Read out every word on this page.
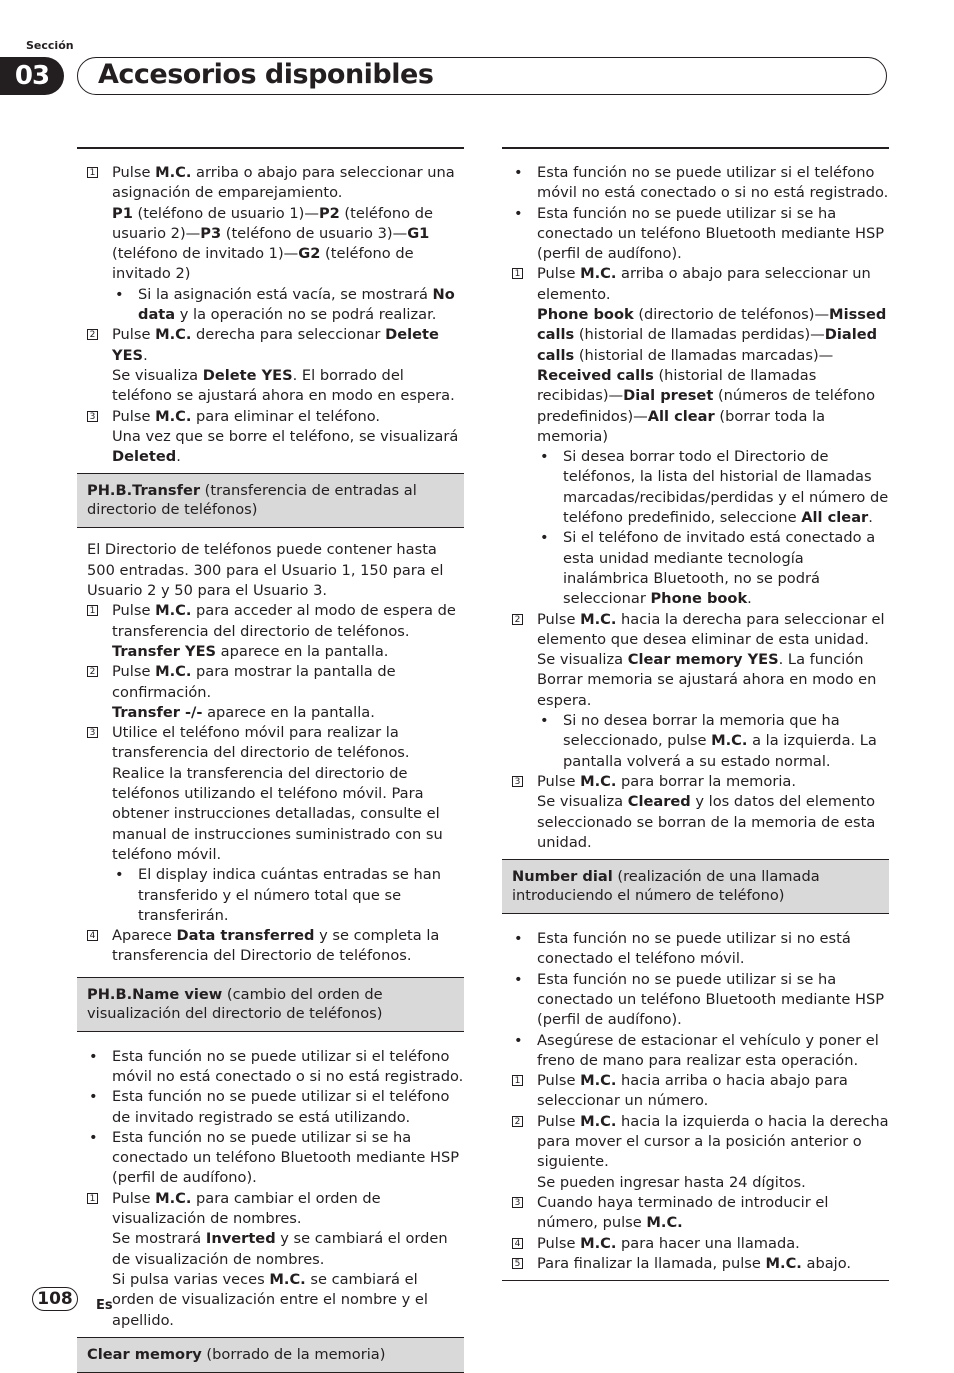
Sección
03	Accesorios disponibles

1 Pulse M.C. arriba o abajo para seleccionar una asignación de emparejamiento.

P1 (teléfono de usuario 1)—P2 (teléfono de usuario 2)—P3 (teléfono de usuario 3)—G1 (teléfono de invitado 1)—G2 (teléfono de invitado 2)

• Si la asignación está vacía, se mostrará No data y la operación no se podrá realizar.

2 Pulse M.C. derecha para seleccionar Delete YES.

Se visualiza Delete YES. El borrado del teléfono se ajustará ahora en modo en espera.

3 Pulse M.C. para eliminar el teléfono.

Una vez que se borre el teléfono, se visualizará Deleted.

PH.B.Transfer (transferencia de entradas al directorio de teléfonos)

El Directorio de teléfonos puede contener hasta 500 entradas. 300 para el Usuario 1, 150 para el Usuario 2 y 50 para el Usuario 3.

1 Pulse M.C. para acceder al modo de espera de transferencia del directorio de teléfonos.

Transfer YES aparece en la pantalla.

2 Pulse M.C. para mostrar la pantalla de confirmación.

Transfer -/- aparece en la pantalla.

3 Utilice el teléfono móvil para realizar la transferencia del directorio de teléfonos.

Realice la transferencia del directorio de teléfonos utilizando el teléfono móvil. Para obtener instrucciones detalladas, consulte el manual de instrucciones suministrado con su teléfono móvil.

• El display indica cuántas entradas se han transferido y el número total que se transferirán.

4 Aparece Data transferred y se completa la transferencia del Directorio de teléfonos.

PH.B.Name view (cambio del orden de visualización del directorio de teléfonos)

• Esta función no se puede utilizar si el teléfono móvil no está conectado o si no está registrado.

• Esta función no se puede utilizar si el teléfono de invitado registrado se está utilizando.

• Esta función no se puede utilizar si se ha conectado un teléfono Bluetooth mediante HSP (perfil de audífono).

1 Pulse M.C. para cambiar el orden de visualización de nombres.

Se mostrará Inverted y se cambiará el orden de visualización de nombres.

Si pulsa varias veces M.C. se cambiará el orden de visualización entre el nombre y el apellido.

Clear memory (borrado de la memoria)

• Esta función no se puede utilizar si el teléfono móvil no está conectado o si no está registrado.

• Esta función no se puede utilizar si se ha conectado un teléfono Bluetooth mediante HSP (perfil de audífono).

1 Pulse M.C. arriba o abajo para seleccionar un elemento.

Phone book (directorio de teléfonos)—Missed calls (historial de llamadas perdidas)—Dialed calls (historial de llamadas marcadas)—Received calls (historial de llamadas recibidas)—Dial preset (números de teléfono predefinidos)—All clear (borrar toda la memoria)

• Si desea borrar todo el Directorio de teléfonos, la lista del historial de llamadas marcadas/recibidas/perdidas y el número de teléfono predefinido, seleccione All clear.

• Si el teléfono de invitado está conectado a esta unidad mediante tecnología inalámbrica Bluetooth, no se podrá seleccionar Phone book.

2 Pulse M.C. hacia la derecha para seleccionar el elemento que desea eliminar de esta unidad.

Se visualiza Clear memory YES. La función Borrar memoria se ajustará ahora en modo en espera.

• Si no desea borrar la memoria que ha seleccionado, pulse M.C. a la izquierda. La pantalla volverá a su estado normal.

3 Pulse M.C. para borrar la memoria.

Se visualiza Cleared y los datos del elemento seleccionado se borran de la memoria de esta unidad.

Number dial (realización de una llamada introduciendo el número de teléfono)

• Esta función no se puede utilizar si no está conectado el teléfono móvil.

• Esta función no se puede utilizar si se ha conectado un teléfono Bluetooth mediante HSP (perfil de audífono).

• Asegúrese de estacionar el vehículo y poner el freno de mano para realizar esta operación.

1 Pulse M.C. hacia arriba o hacia abajo para seleccionar un número.

2 Pulse M.C. hacia la izquierda o hacia la derecha para mover el cursor a la posición anterior o siguiente.

Se pueden ingresar hasta 24 dígitos.

3 Cuando haya terminado de introducir el número, pulse M.C.

4 Pulse M.C. para hacer una llamada.

5 Para finalizar la llamada, pulse M.C. abajo.

108	Es
